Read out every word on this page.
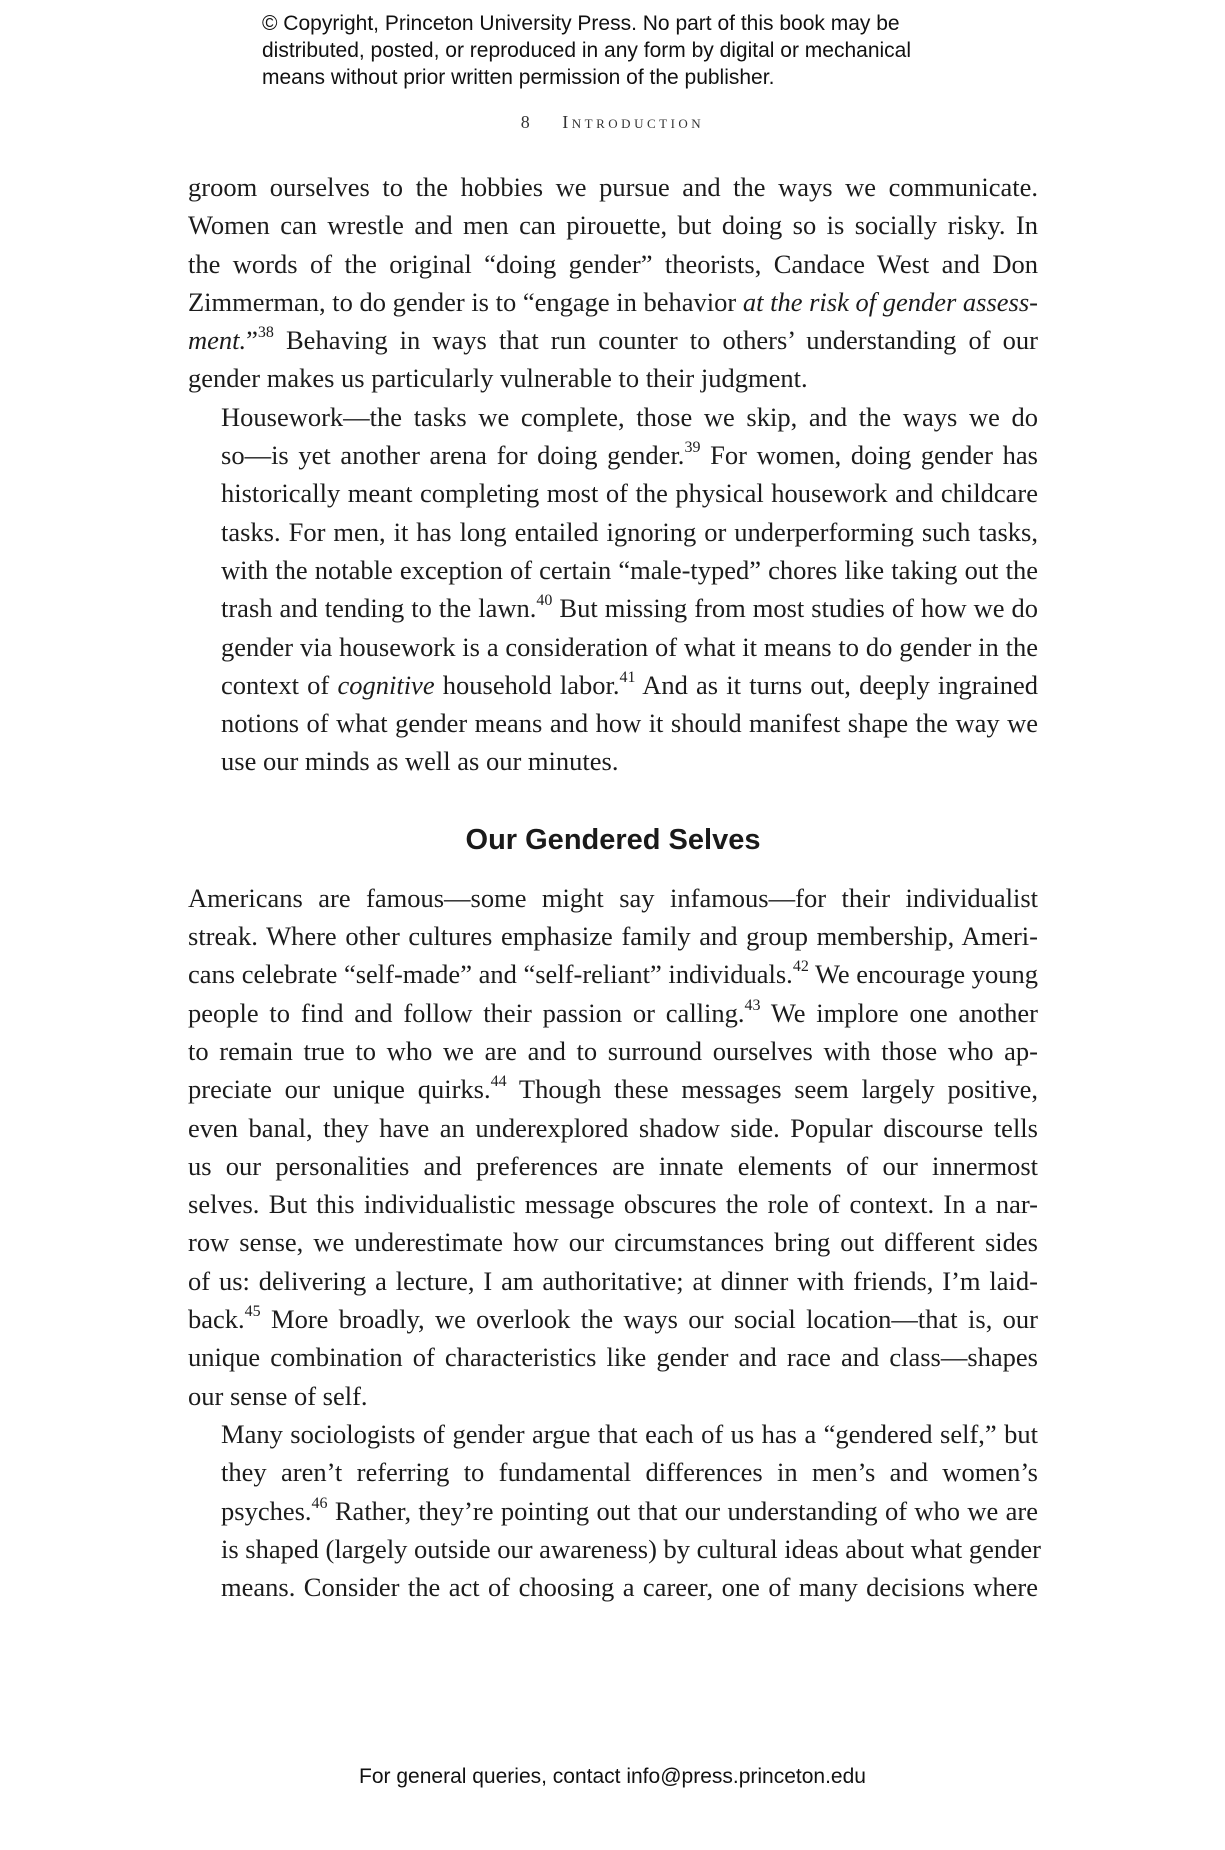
© Copyright, Princeton University Press. No part of this book may be
distributed, posted, or reproduced in any form by digital or mechanical
means without prior written permission of the publisher.
8 Introduction

groom ourselves to the hobbies we pursue and the ways we communicate.
Women can wrestle and men can pirouette, but doing so is socially risky. In
the words of the original “doing gender” theorists, Candace West and Don
Zimmerman, to do gender is to “engage in behavior at the risk of gender assess-
ment.”$^{38}$ Behaving in ways that run counter to others’ understanding of our
gender makes us particularly vulnerable to their judgment.

Housework—the tasks we complete, those we skip, and the ways we do
so—is yet another arena for doing gender.$^{39}$ For women, doing gender has
historically meant completing most of the physical housework and childcare
tasks. For men, it has long entailed ignoring or underperforming such tasks,
with the notable exception of certain “male-typed” chores like taking out the
trash and tending to the lawn.$^{40}$ But missing from most studies of how we do
gender via housework is a consideration of what it means to do gender in the
context of cognitive household labor.$^{41}$ And as it turns out, deeply ingrained
notions of what gender means and how it should manifest shape the way we
use our minds as well as our minutes.

Our Gendered Selves

Americans are famous—some might say infamous—for their individualist
streak. Where other cultures emphasize family and group membership, Ameri-
cans celebrate “self-made” and “self-reliant” individuals.$^{42}$ We encourage young
people to find and follow their passion or calling.$^{43}$ We implore one another
to remain true to who we are and to surround ourselves with those who ap-
preciate our unique quirks.$^{44}$ Though these messages seem largely positive,
even banal, they have an underexplored shadow side. Popular discourse tells
us our personalities and preferences are innate elements of our innermost
selves. But this individualistic message obscures the role of context. In a nar-
row sense, we underestimate how our circumstances bring out different sides
of us: delivering a lecture, I am authoritative; at dinner with friends, I’m laid-
back.$^{45}$ More broadly, we overlook the ways our social location—that is, our
unique combination of characteristics like gender and race and class—shapes
our sense of self.

Many sociologists of gender argue that each of us has a “gendered self,” but
they aren’t referring to fundamental differences in men’s and women’s
psyches.$^{46}$ Rather, they’re pointing out that our understanding of who we are
is shaped (largely outside our awareness) by cultural ideas about what gender
means. Consider the act of choosing a career, one of many decisions where

For general queries, contact info@press.princeton.edu
